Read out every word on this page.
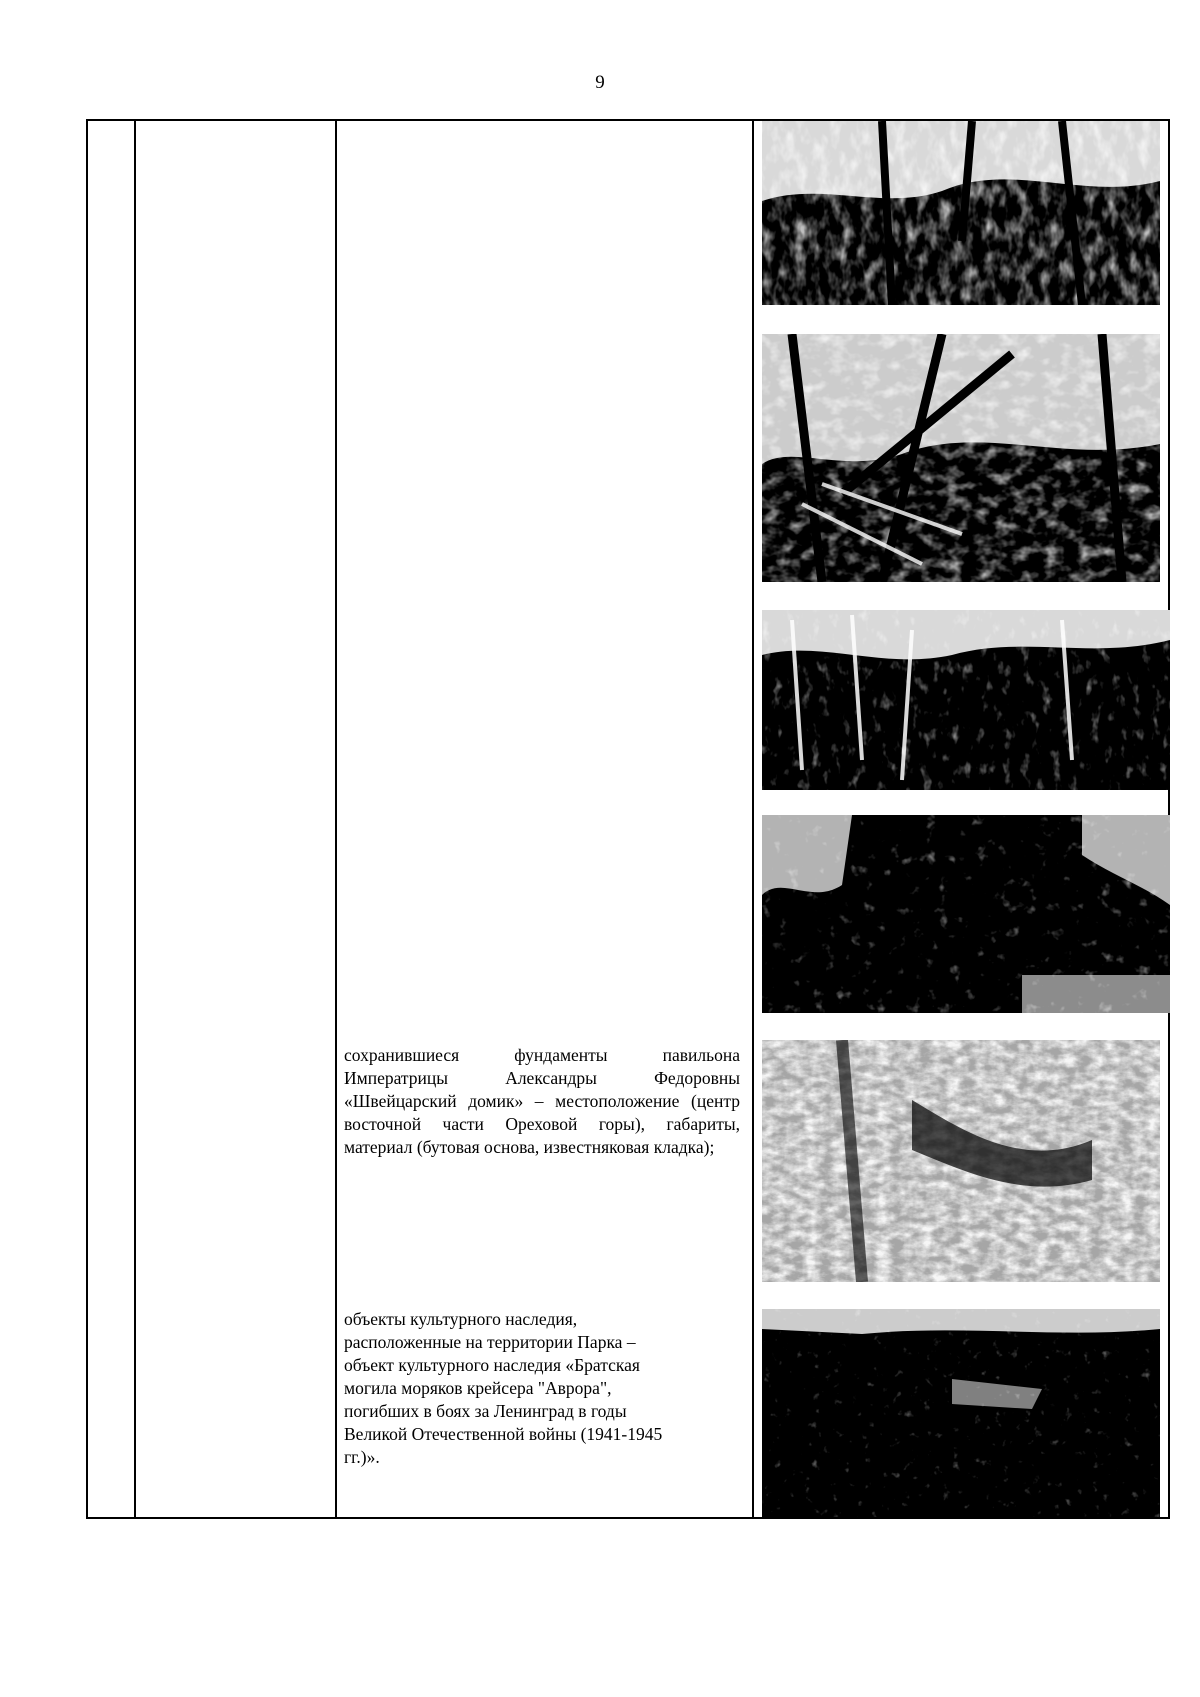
9
сохранившиеся фундаменты павильона Императрицы Александры Федоровны «Швейцарский домик» – местоположение (центр восточной части Ореховой горы), габариты, материал (бутовая основа, известняковая кладка);
объекты культурного наследия,
расположенные на территории Парка –
объект культурного наследия «Братская
могила моряков крейсера "Аврора",
погибших в боях за Ленинград в годы
Великой Отечественной войны (1941-1945
гг.)».
